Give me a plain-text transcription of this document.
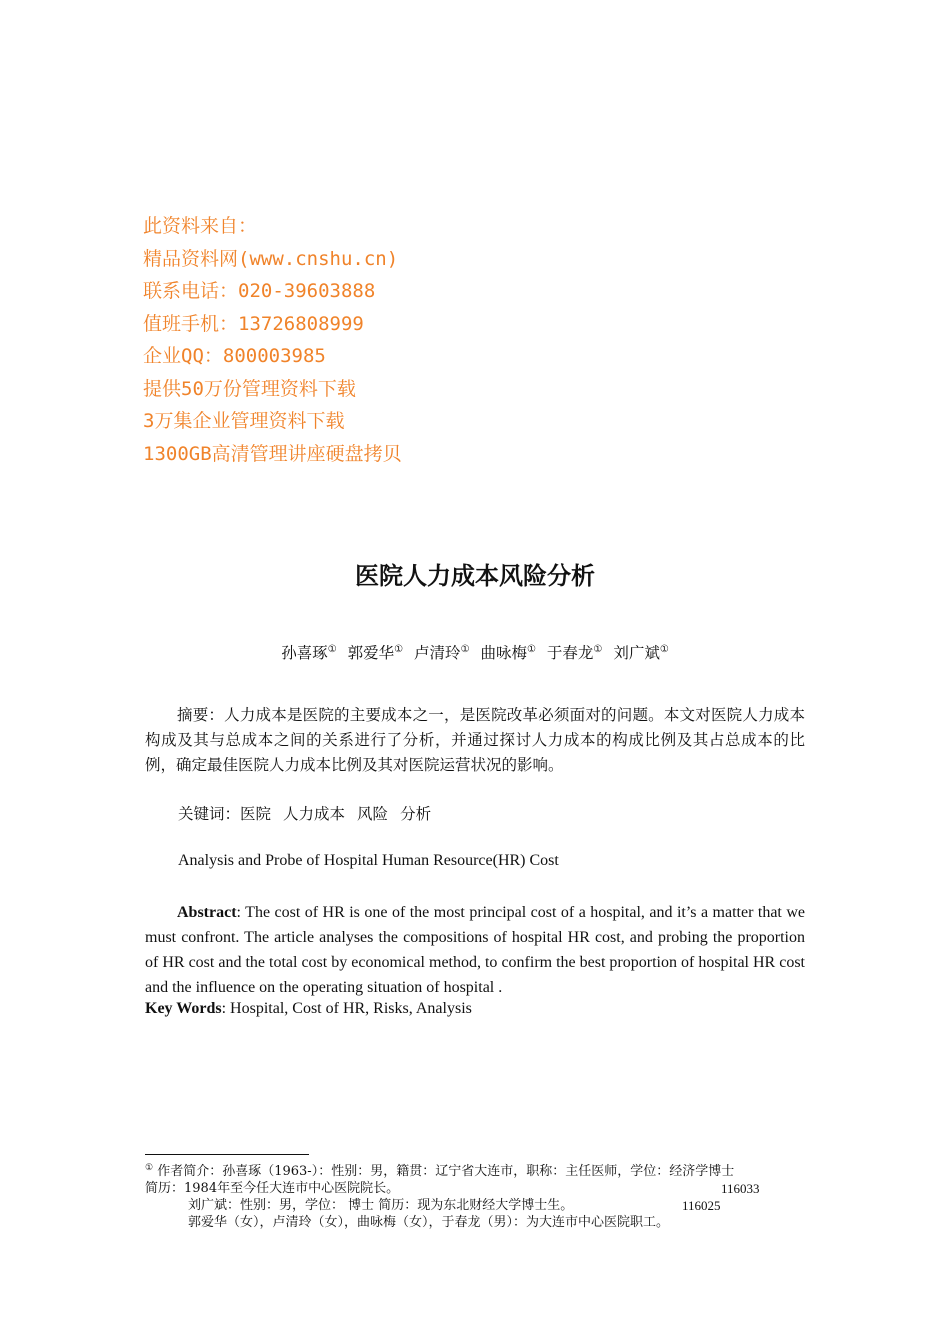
此资料来自：
精品资料网(www.cnshu.cn)
联系电话：020-39603888
值班手机：13726808999
企业QQ：800003985
提供50万份管理资料下载
3万集企业管理资料下载
1300GB高清管理讲座硬盘拷贝
医院人力成本风险分析
孙喜琢① 郭爱华① 卢清玲① 曲咏梅① 于春龙① 刘广斌①
摘要：人力成本是医院的主要成本之一，是医院改革必须面对的问题。本文对医院人力成本构成及其与总成本之间的关系进行了分析，并通过探讨人力成本的构成比例及其占总成本的比例，确定最佳医院人力成本比例及其对医院运营状况的影响。
关键词：医院 人力成本 风险 分析
Analysis and Probe of Hospital Human Resource(HR) Cost
Abstract: The cost of HR is one of the most principal cost of a hospital, and it’s a matter that we must confront. The article analyses the compositions of hospital HR cost, and probing the proportion of HR cost and the total cost by economical method, to confirm the best proportion of hospital HR cost and the influence on the operating situation of hospital .
Key Words: Hospital, Cost of HR, Risks, Analysis
① 作者简介：孙喜琢（1963-）：性别：男，籍贯：辽宁省大连市，职称：主任医师，学位：经济学博士
简历：1984年至今任大连市中心医院院长。	116033
刘广斌：性别：男，学位： 博士 简历：现为东北财经大学博士生。	116025
郭爱华（女），卢清玲（女），曲咏梅（女），于春龙（男）：为大连市中心医院职工。
